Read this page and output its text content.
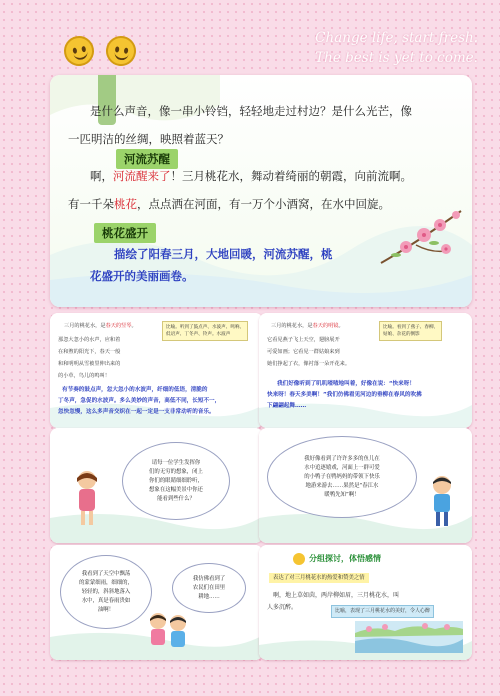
Change life, start fresh.
The best is yet to come.
是什么声音，像一串小铃铛，轻轻地走过村边？是什么光芒，像
一匹明洁的丝绸，映照着蓝天？
河流苏醒
啊，河流醒来了！三月桃花水，舞动着绮丽的朝霞，向前流啊。
有一千朵桃花，点点洒在河面，有一万个小酒窝，在水中回旋。
桃花盛开
描绘了阳春三月，大地回暖，河流苏醒，桃
花盛开的美丽画卷。
三月的桃花水，是春天的竖琴。
那忽大忽小的水声，应和着
在和煦的阳光下，春天一般
和和明明从雪被里伸出来的
的小草，鸟儿的鸣叫！
比喻。听到了鼓点声、水波声、鸣响、
低语声、丁冬声、铃声。水波声
有节奏的鼓点声，忽大忽小的水波声，纤细的低语，清脆的
丁冬声，急促的水波声。多么美妙的声音，高低不同，长短不一，
忽快忽慢，这么多声音交织在一起一定是一支非常动听的音乐。
三月的桃花水，是春天的明镜。
它看见燕子飞上天空，翅膀展开
可爱如画；它看见一群姑娘来到
她们挣起了衣，像衬落一朵开花来。
比喻。看到了燕子、春柳、
姑娘、杂花的倒影
我们好像听到了叽叽喳喳地叫着，好像在说：“快来呀！
快来呀！春天多美啊！”我们仿佛看见河边的垂柳在春风的吹拂
下翩翩起舞……
请每一位学生发挥你
们的无穷的想象，闭上
你们的眼睛细细聆听，
想象在这幅美景中你还
能看到些什么？
我好像看到了许许多多的鱼儿在
水中追逐嬉戏，河面上一群可爱
的小鸭子在鸭妈妈的带领下快乐
地游来游去……果然是“春江水
暖鸭先知”啊！
我看到了天空中飘荡
的蒙蒙细雨，细细的，
轻轻的，斜斜地落入
水中，真是春雨贵如
油啊！
我仿佛看到了
农民们在田里
耕地……
分组探讨，体悟感情
表达了对三月桃花水的热爱和赞美之情
啊，地上草如茵，两岸柳如眉，三月桃花水，叫
人多沉醉。	比喻，表现了三月桃花水的美好，令人心醉
